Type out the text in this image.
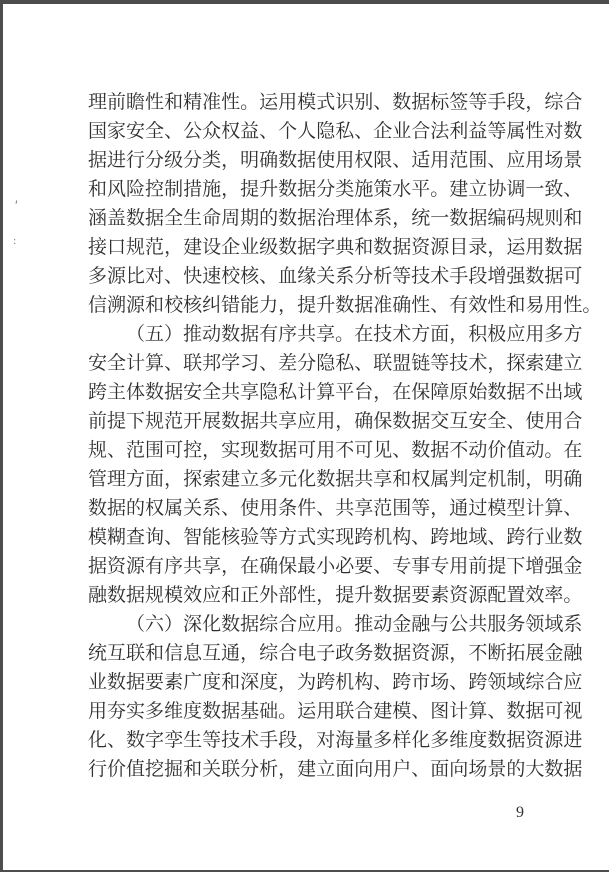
'
:
理 前 瞻 性 和 精 准 性 。 运 用 模 式 识 别 、 数 据 标 签 等 手 段 ， 综 合
国 家 安 全 、 公 众 权 益 、 个 人 隐 私 、 企 业 合 法 利 益 等 属 性 对 数
据 进 行 分 级 分 类 ， 明 确 数 据 使 用 权 限 、 适 用 范 围 、 应 用 场 景
和 风 险 控 制 措 施 ， 提 升 数 据 分 类 施 策 水 平 。 建 立 协 调 一 致 、
涵 盖 数 据 全 生 命 周 期 的 数 据 治 理 体 系 ， 统 一 数 据 编 码 规 则 和
接 口 规 范 ， 建 设 企 业 级 数 据 字 典 和 数 据 资 源 目 录 ， 运 用 数 据
多 源 比 对 、 快 速 校 核 、 血 缘 关 系 分 析 等 技 术 手 段 增 强 数 据 可
信 溯 源 和 校 核 纠 错 能 力 ， 提 升 数 据 准 确 性 、 有 效 性 和 易 用 性 。
（ 五 ） 推 动 数 据 有 序 共 享 。 在 技 术 方 面 ， 积 极 应 用 多 方
安 全 计 算 、 联 邦 学 习 、 差 分 隐 私 、 联 盟 链 等 技 术 ， 探 索 建 立
跨 主 体 数 据 安 全 共 享 隐 私 计 算 平 台 ， 在 保 障 原 始 数 据 不 出 域
前 提 下 规 范 开 展 数 据 共 享 应 用 ， 确 保 数 据 交 互 安 全 、 使 用 合
规 、 范 围 可 控 ， 实 现 数 据 可 用 不 可 见 、 数 据 不 动 价 值 动 。 在
管 理 方 面 ， 探 索 建 立 多 元 化 数 据 共 享 和 权 属 判 定 机 制 ， 明 确
数 据 的 权 属 关 系 、 使 用 条 件 、 共 享 范 围 等 ， 通 过 模 型 计 算 、
模 糊 查 询 、 智 能 核 验 等 方 式 实 现 跨 机 构 、 跨 地 域 、 跨 行 业 数
据 资 源 有 序 共 享 ， 在 确 保 最 小 必 要 、 专 事 专 用 前 提 下 增 强 金
融 数 据 规 模 效 应 和 正 外 部 性 ， 提 升 数 据 要 素 资 源 配 置 效 率 。
（ 六 ） 深 化 数 据 综 合 应 用 。 推 动 金 融 与 公 共 服 务 领 域 系
统 互 联 和 信 息 互 通 ， 综 合 电 子 政 务 数 据 资 源 ， 不 断 拓 展 金 融
业 数 据 要 素 广 度 和 深 度 ， 为 跨 机 构 、 跨 市 场 、 跨 领 域 综 合 应
用 夯 实 多 维 度 数 据 基 础 。 运 用 联 合 建 模 、 图 计 算 、 数 据 可 视
化 、 数 字 孪 生 等 技 术 手 段 ， 对 海 量 多 样 化 多 维 度 数 据 资 源 进
行 价 值 挖 掘 和 关 联 分 析 ， 建 立 面 向 用 户 、 面 向 场 景 的 大 数 据
9
